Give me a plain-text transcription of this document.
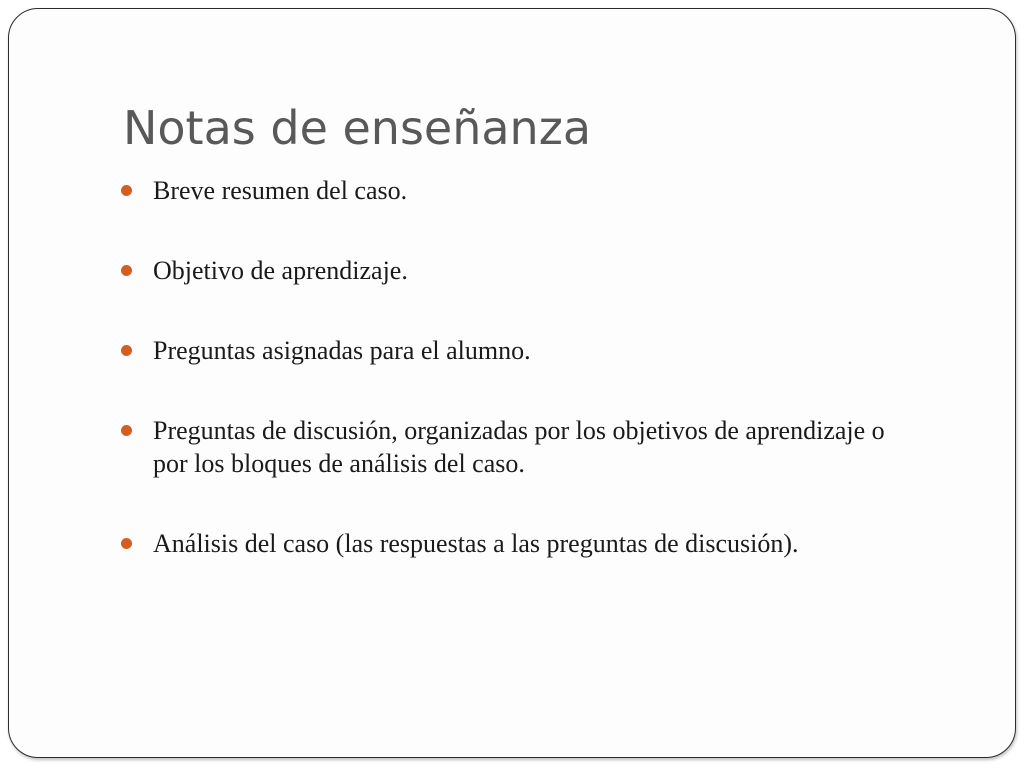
Notas de enseñanza
Breve resumen del caso.
Objetivo de aprendizaje.
Preguntas asignadas para el alumno.
Preguntas de discusión, organizadas por los objetivos de aprendizaje o por los bloques de análisis del caso.
Análisis del caso (las respuestas a las preguntas de discusión).
